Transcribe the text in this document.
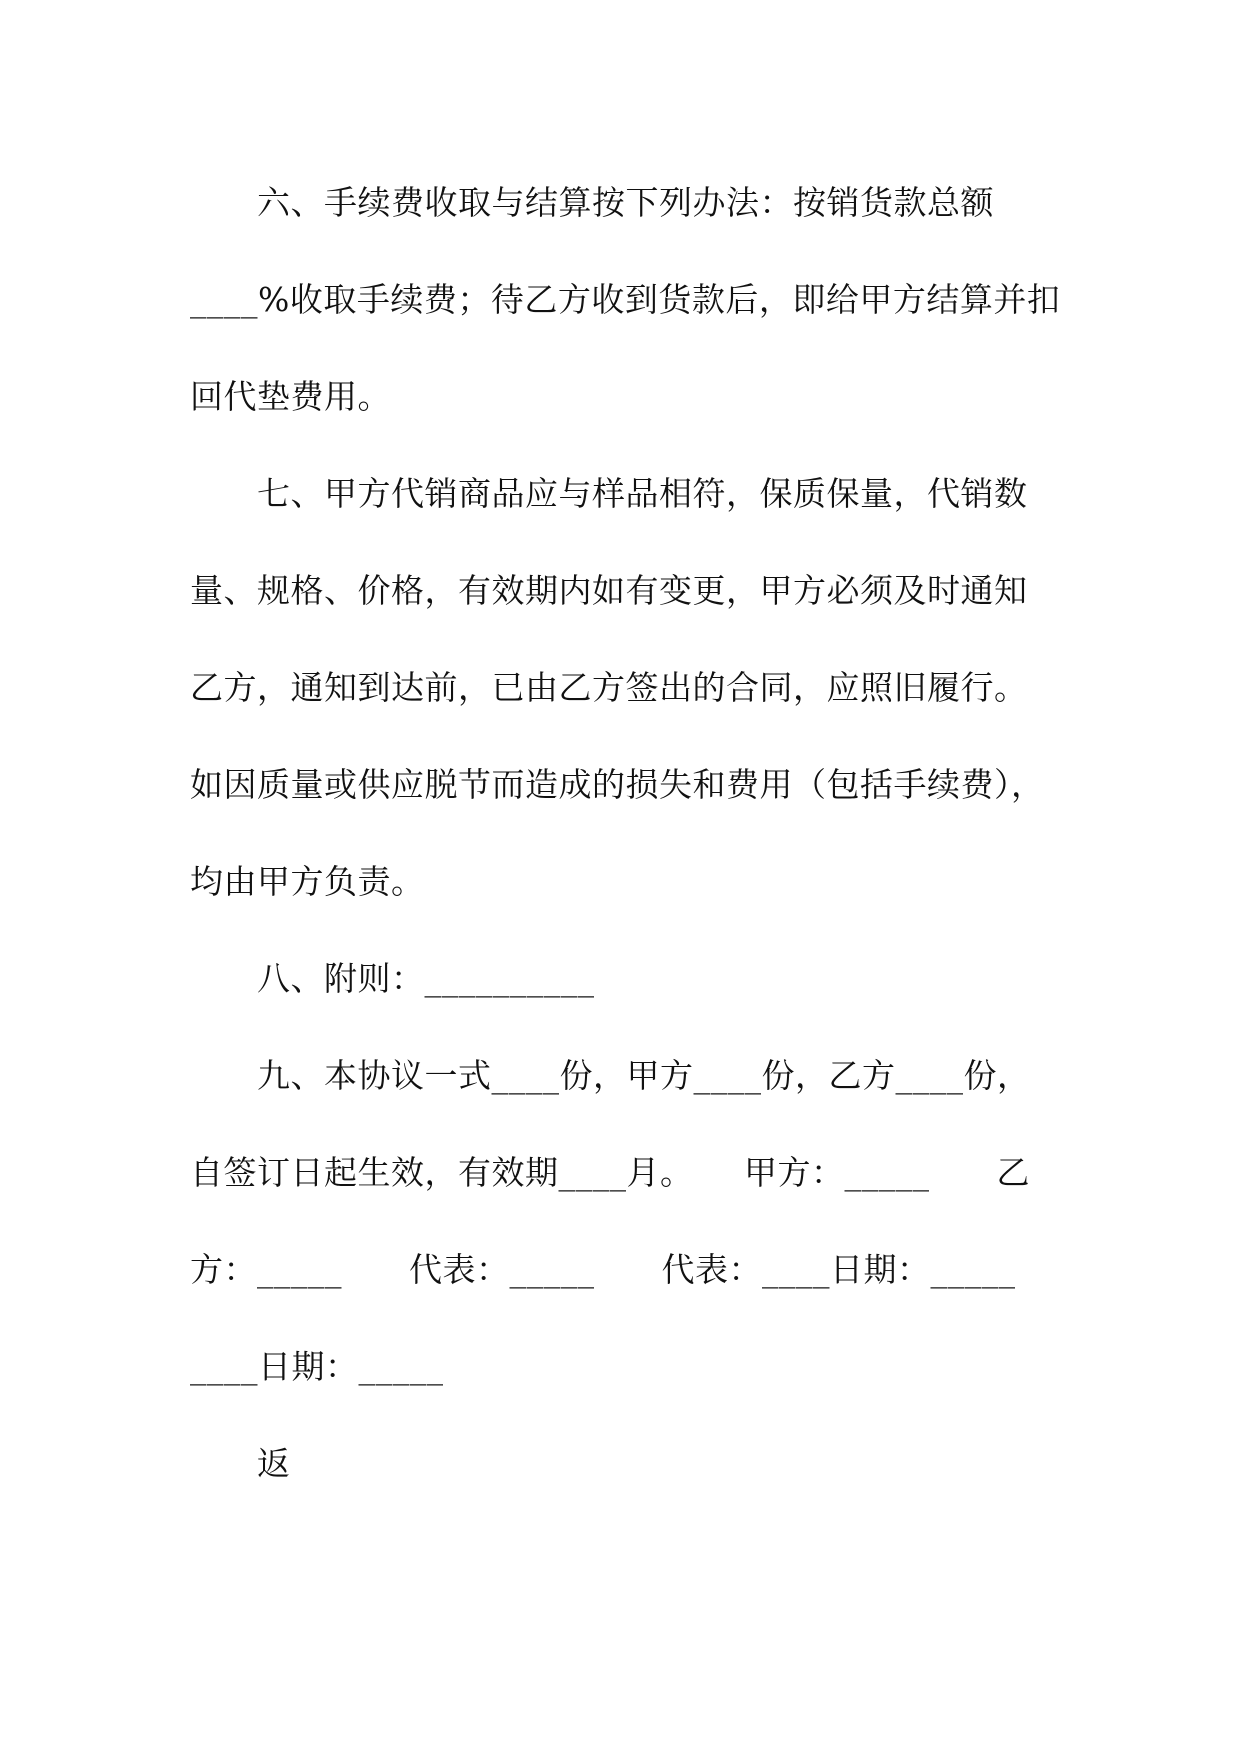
六、手续费收取与结算按下列办法：按销货款总额
____%收取手续费；待乙方收到货款后，即给甲方结算并扣
回代垫费用。
七、甲方代销商品应与样品相符，保质保量，代销数
量、规格、价格，有效期内如有变更，甲方必须及时通知
乙方，通知到达前，已由乙方签出的合同，应照旧履行。
如因质量或供应脱节而造成的损失和费用（包括手续费），
均由甲方负责。
八、附则：__________
九、本协议一式____份，甲方____份，乙方____份，
自签订日起生效，有效期____月。　　甲方：_____　　乙
方：_____　　代表：_____　　代表：____日期：_____
____日期：_____
返
